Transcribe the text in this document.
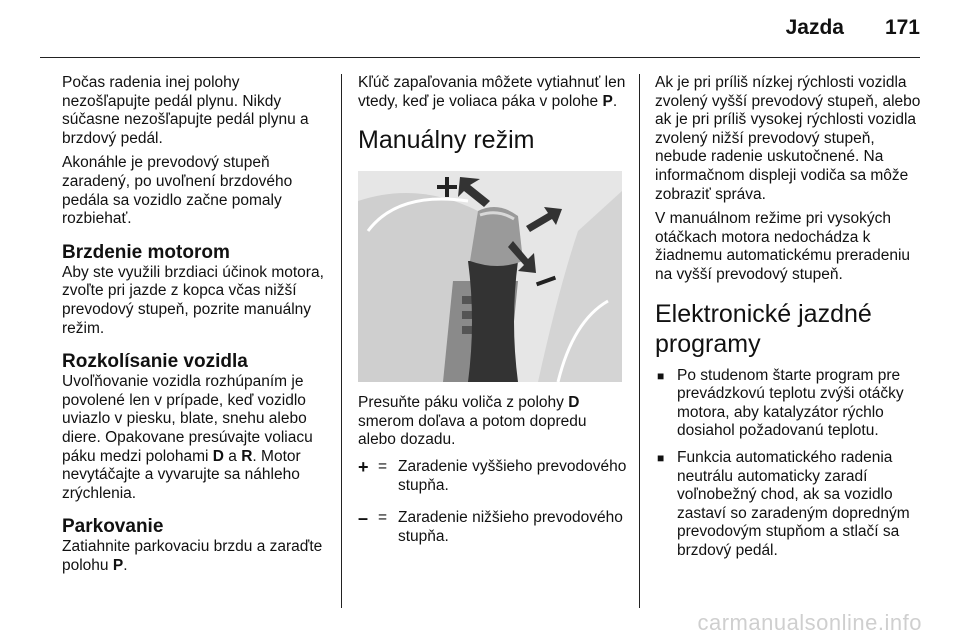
Jazda 171

Počas radenia inej polohy nezošľapujte pedál plynu. Nikdy súčasne nezošľapujte pedál plynu a brzdový pedál.

Akonáhle je prevodový stupeň zaradený, po uvoľnení brzdového pedála sa vozidlo začne pomaly rozbiehať.

Brzdenie motorom

Aby ste využili brzdiaci účinok motora, zvoľte pri jazde z kopca včas nižší prevodový stupeň, pozrite manuálny režim.

Rozkolísanie vozidla

Uvoľňovanie vozidla rozhúpaním je povolené len v prípade, keď vozidlo uviazlo v piesku, blate, snehu alebo diere. Opakovane presúvajte voliacu páku medzi polohami D a R. Motor nevytáčajte a vyvarujte sa náhleho zrýchlenia.

Parkovanie

Zatiahnite parkovaciu brzdu a zaraďte polohu P.

Kľúč zapaľovania môžete vytiahnuť len vtedy, keď je voliaca páka v polohe P.

Manuálny režim

Presuňte páku voliča z polohy D smerom doľava a potom dopredu alebo dozadu.

+ = Zaradenie vyššieho prevodového stupňa.
– = Zaradenie nižšieho prevodového stupňa.

Ak je pri príliš nízkej rýchlosti vozidla zvolený vyšší prevodový stupeň, alebo ak je pri príliš vysokej rýchlosti vozidla zvolený nižší prevodový stupeň, nebude radenie uskutočnené. Na informačnom displeji vodiča sa môže zobraziť správa.

V manuálnom režime pri vysokých otáčkach motora nedochádza k žiadnemu automatickému preradeniu na vyšší prevodový stupeň.

Elektronické jazdné programy
■ Po studenom štarte program pre prevádzkovú teplotu zvýši otáčky motora, aby katalyzátor rýchlo dosiahol požadovanú teplotu.
■ Funkcia automatického radenia neutrálu automaticky zaradí voľnobežný chod, ak sa vozidlo zastaví so zaradeným dopredným prevodovým stupňom a stlačí sa brzdový pedál.
carmanualsonline.info
